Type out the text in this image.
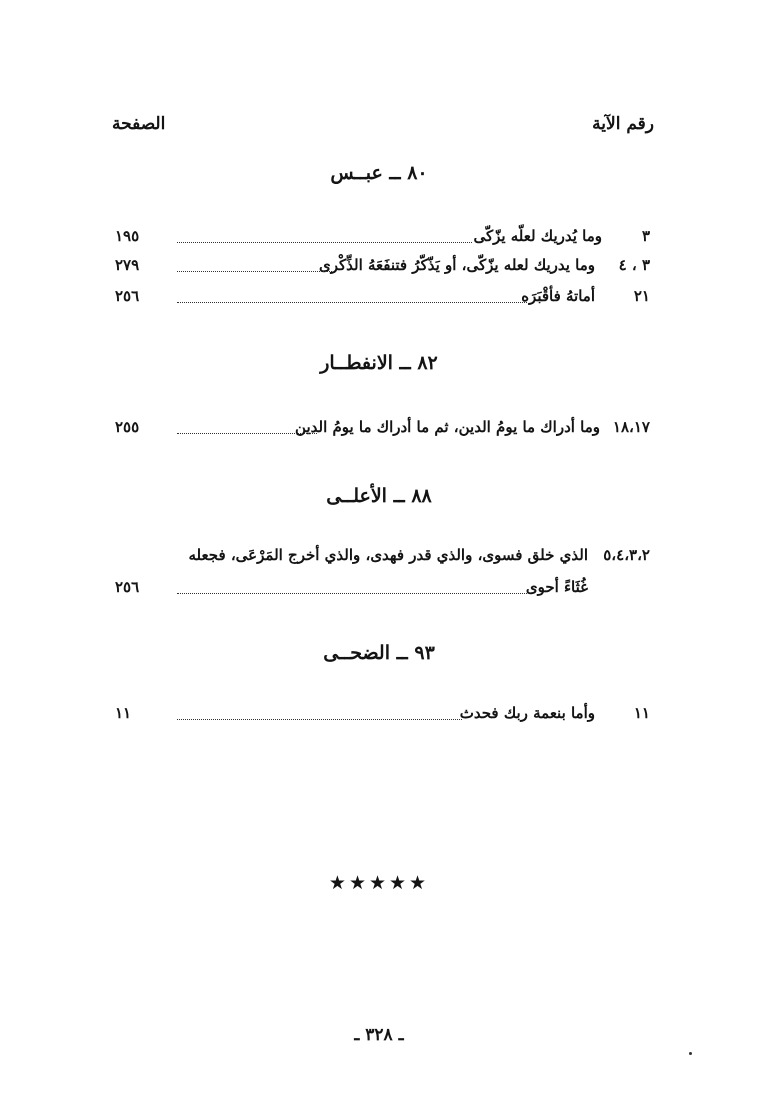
رقم الآية
الصفحة
٨٠ ــ عبــس
٣
وما يُدريك لعلّه يزّكّى
١٩٥
٣ ، ٤
وما يدريك لعله يزّكّى، أو يَذّكّرُ فتنفَعَهُ الذِّكْرى
٢٧٩
٢١
أماتهُ فأقْبَرَه
٢٥٦
٨٢ ــ الانفطــار
١٨،١٧
وما أدراك ما يومُ الدين، ثم ما أدراك ما يومُ الدين
٢٥٥
٨٨ ــ الأعلــى
٥،٤،٣،٢
الذي خلق فسوى، والذي قدر فهدى، والذي أخرج المَرْعَى، فجعله
غُثَاءً أحوى
٢٥٦
٩٣ ــ الضحــى
١١
وأما بنعمة ربك فحدث
١١
★★★★★
ـ ٣٢٨ ـ
